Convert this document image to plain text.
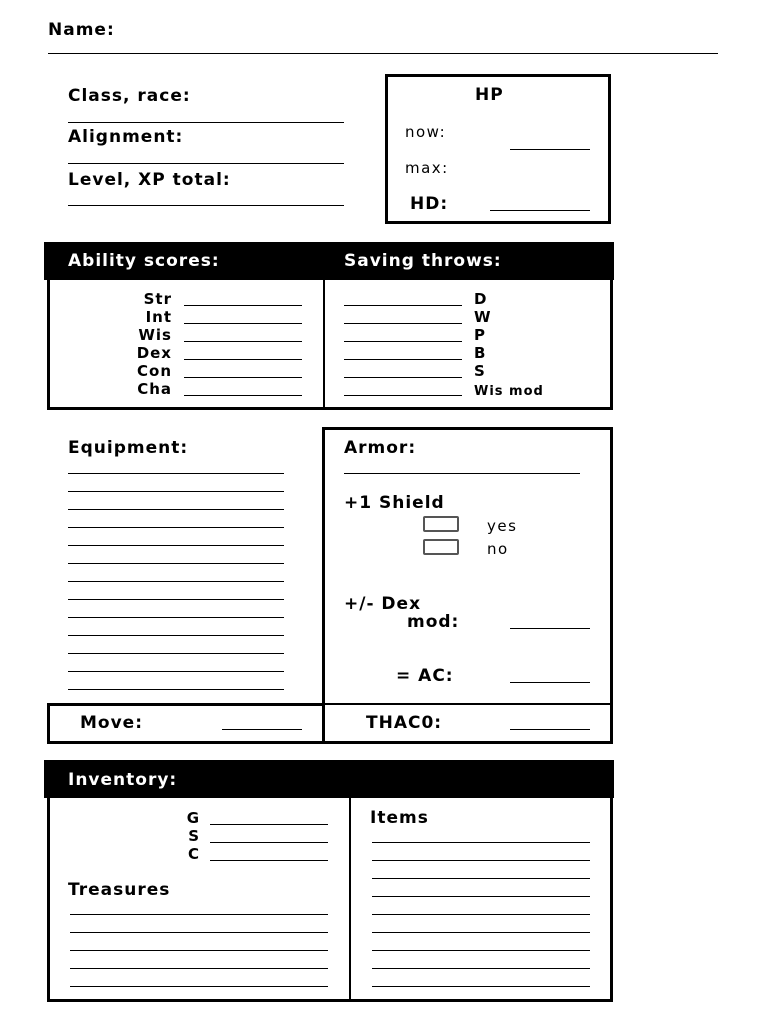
Name:
Class, race:
Alignment:
Level, XP total:
HP
now:
max:
HD:
Ability scores:	Saving throws:
Str
Int
Wis
Dex
Con
Cha
D
W
P
B
S
Wis mod
Equipment:	Armor:
+1 Shield
yes
no
+/- Dex
mod:
= AC:
Move:	THAC0:
Inventory:
G
S
C
Treasures
Items
